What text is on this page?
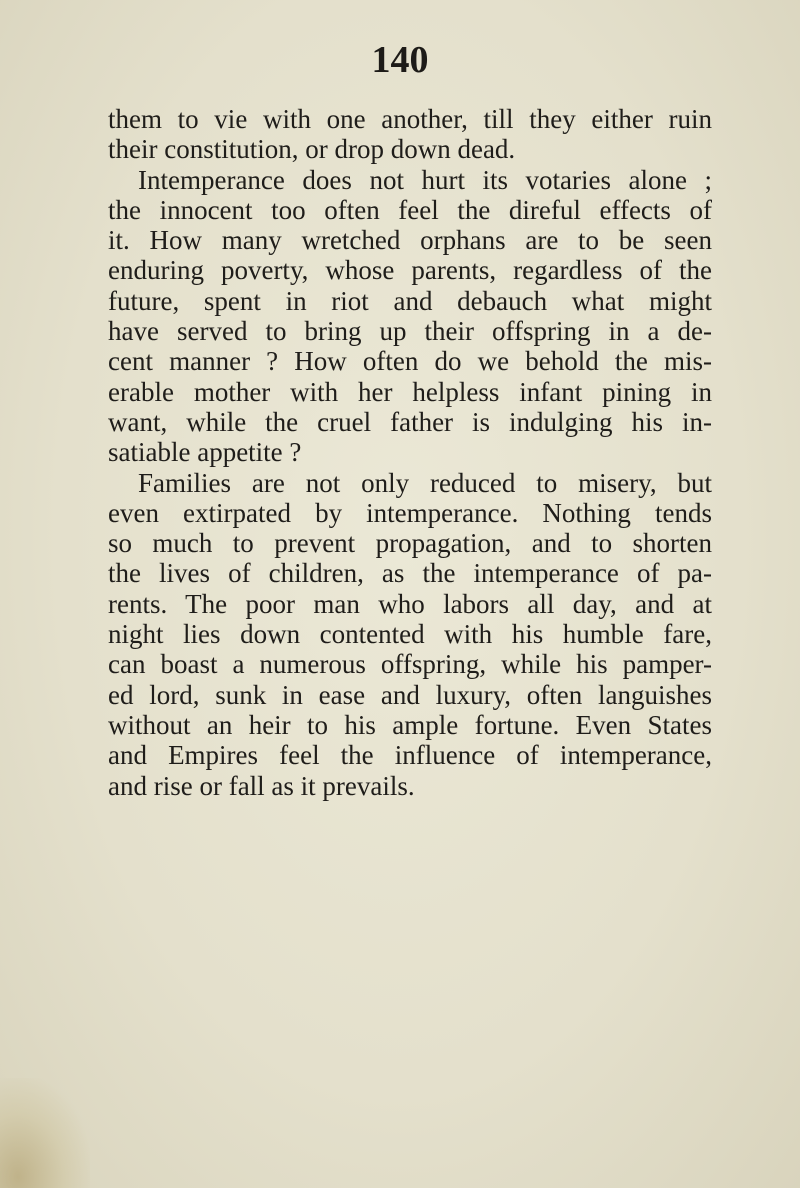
140
them to vie with one another, till they either ruin
their constitution, or drop down dead.
Intemperance does not hurt its votaries alone ;
the innocent too often feel the direful effects of
it. How many wretched orphans are to be seen
enduring poverty, whose parents, regardless of the
future, spent in riot and debauch what might
have served to bring up their offspring in a de-
cent manner ? How often do we behold the mis-
erable mother with her helpless infant pining in
want, while the cruel father is indulging his in-
satiable appetite ?
Families are not only reduced to misery, but
even extirpated by intemperance. Nothing tends
so much to prevent propagation, and to shorten
the lives of children, as the intemperance of pa-
rents. The poor man who labors all day, and at
night lies down contented with his humble fare,
can boast a numerous offspring, while his pamper-
ed lord, sunk in ease and luxury, often languishes
without an heir to his ample fortune. Even States
and Empires feel the influence of intemperance,
and rise or fall as it prevails.
